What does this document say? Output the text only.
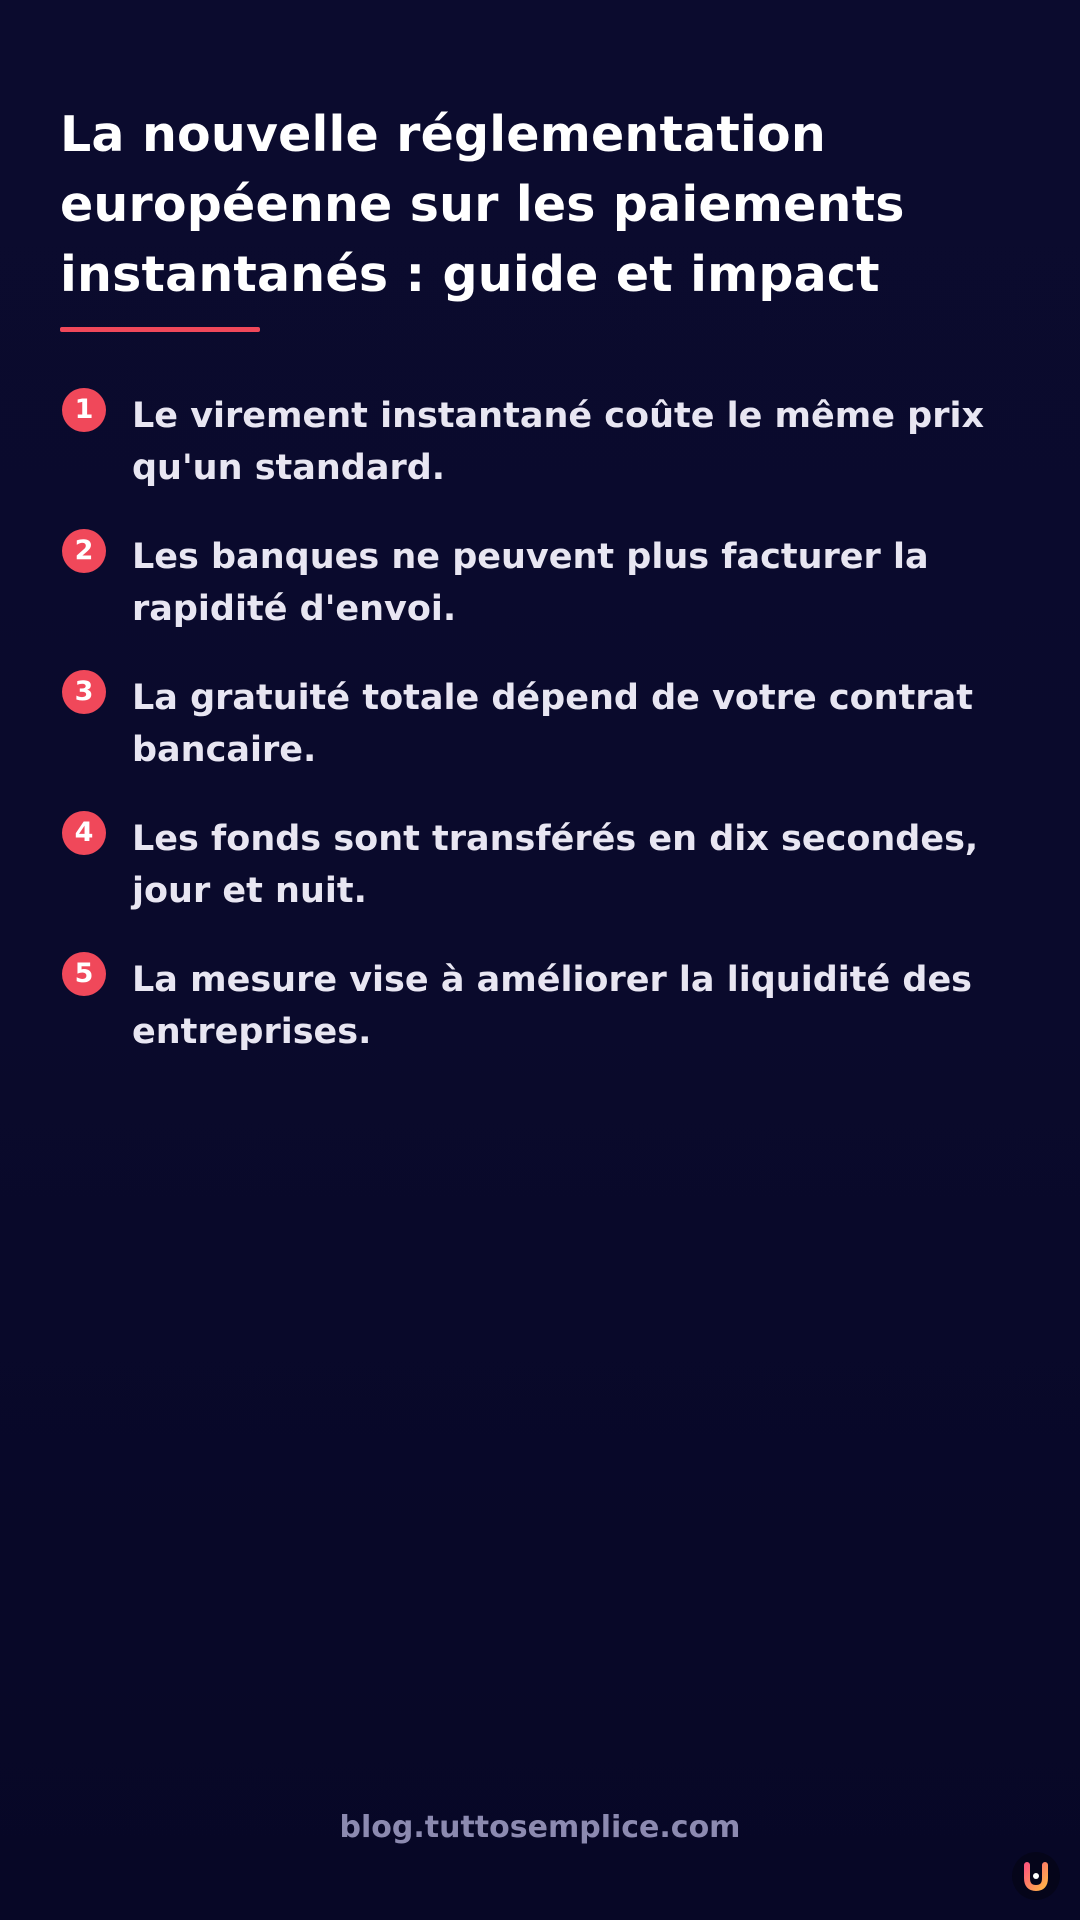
La nouvelle réglementation européenne sur les paiements instantanés : guide et impact
1	Le virement instantané coûte le même prix qu'un standard.
2	Les banques ne peuvent plus facturer la rapidité d'envoi.
3	La gratuité totale dépend de votre contrat bancaire.
4	Les fonds sont transférés en dix secondes, jour et nuit.
5	La mesure vise à améliorer la liquidité des entreprises.
blog.tuttosemplice.com
